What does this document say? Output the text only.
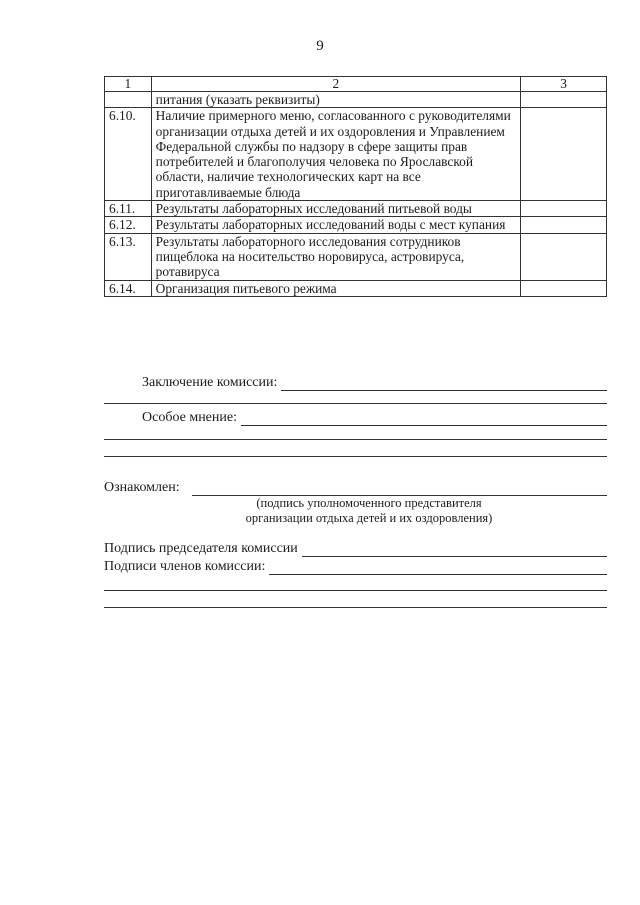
9
1	2	3
	питания (указать реквизиты)	
6.10.	Наличие примерного меню, согласованного с руководителями организации отдыха детей и их оздоровления и Управлением Федеральной службы по надзору в сфере защиты прав потребителей и благополучия человека по Ярославской области, наличие технологических карт на все приготавливаемые блюда	
6.11.	Результаты лабораторных исследований питьевой воды	
6.12.	Результаты лабораторных исследований воды с мест купания	
6.13.	Результаты лабораторного исследования сотрудников пищеблока на носительство норовируса, астровируса, ротавируса	
6.14.	Организация питьевого режима	
Заключение комиссии:
Особое мнение:
Ознакомлен:
(подпись уполномоченного представителя
организации отдыха детей и их оздоровления)
Подпись председателя комиссии
Подписи членов комиссии:
